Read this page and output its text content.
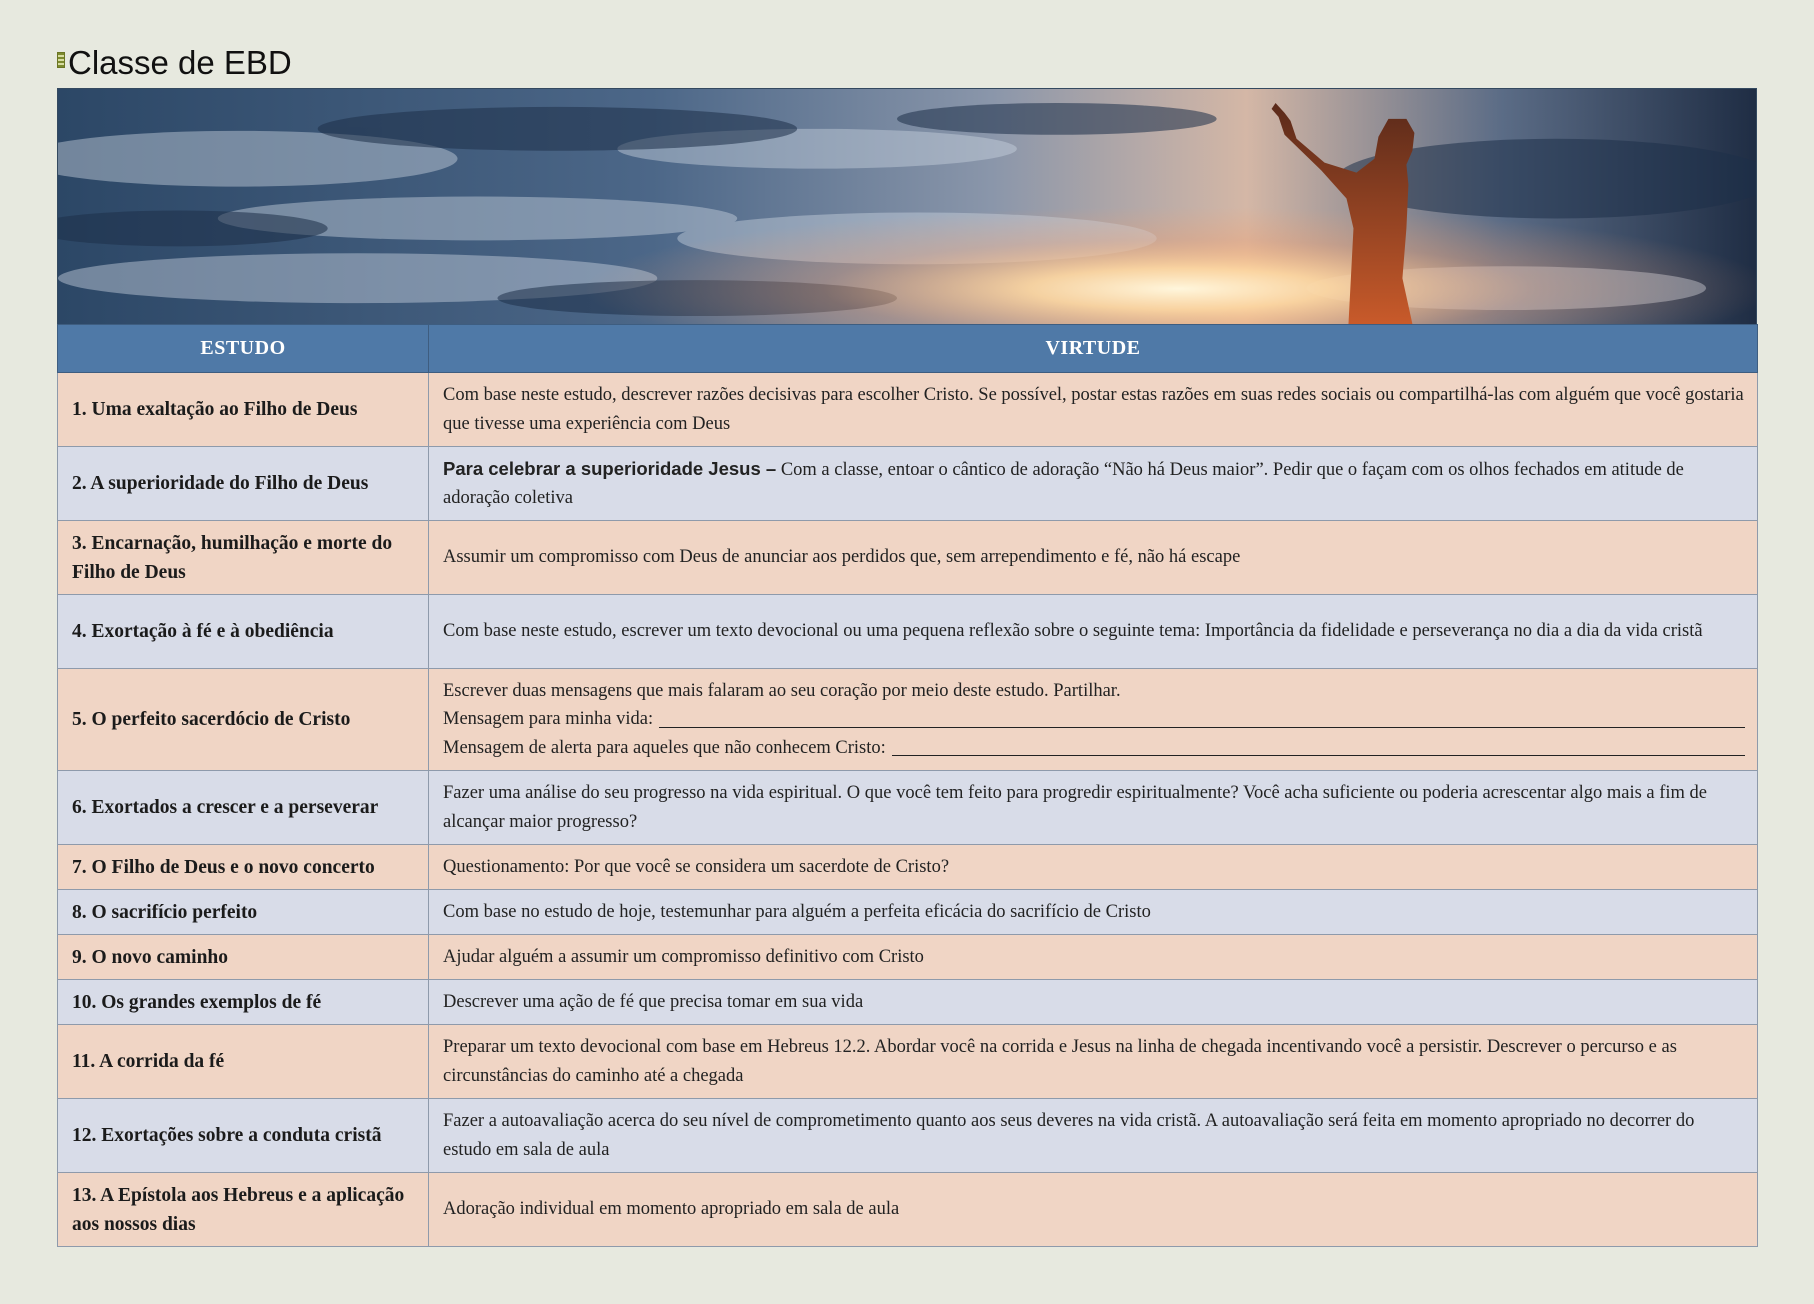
Classe de EBD
ESTUDO	VIRTUDE
1. Uma exaltação ao Filho de Deus	Com base neste estudo, descrever razões decisivas para escolher Cristo. Se possível, postar estas razões em suas redes sociais ou compartilhá-las com alguém que você gostaria que tivesse uma experiência com Deus
2. A superioridade do Filho de Deus	Para celebrar a superioridade Jesus – Com a classe, entoar o cântico de adoração “Não há Deus maior”. Pedir que o façam com os olhos fechados em atitude de adoração coletiva
3. Encarnação, humilhação e morte do Filho de Deus	Assumir um compromisso com Deus de anunciar aos perdidos que, sem arrependimento e fé, não há escape
4. Exortação à fé e à obediência	Com base neste estudo, escrever um texto devocional ou uma pequena reflexão sobre o seguinte tema: Importância da fidelidade e perseverança no dia a dia da vida cristã
5. O perfeito sacerdócio de Cristo	Escrever duas mensagens que mais falaram ao seu coração por meio deste estudo. Partilhar.
Mensagem para minha vida:
Mensagem de alerta para aqueles que não conhecem Cristo:

6. Exortados a crescer e a perseverar	Fazer uma análise do seu progresso na vida espiritual. O que você tem feito para progredir espiritualmente? Você acha suficiente ou poderia acrescentar algo mais a fim de alcançar maior progresso?
7. O Filho de Deus e o novo concerto	Questionamento: Por que você se considera um sacerdote de Cristo?
8. O sacrifício perfeito	Com base no estudo de hoje, testemunhar para alguém a perfeita eficácia do sacrifício de Cristo
9. O novo caminho	Ajudar alguém a assumir um compromisso definitivo com Cristo
10. Os grandes exemplos de fé	Descrever uma ação de fé que precisa tomar em sua vida
11. A corrida da fé	Preparar um texto devocional com base em Hebreus 12.2. Abordar você na corrida e Jesus na linha de chegada incentivando você a persistir. Descrever o percurso e as circunstâncias do caminho até a chegada
12. Exortações sobre a conduta cristã	Fazer a autoavaliação acerca do seu nível de comprometimento quanto aos seus deveres na vida cristã. A autoavaliação será feita em momento apropriado no decorrer do estudo em sala de aula
13. A Epístola aos Hebreus e a aplicação aos nossos dias	Adoração individual em momento apropriado em sala de aula
